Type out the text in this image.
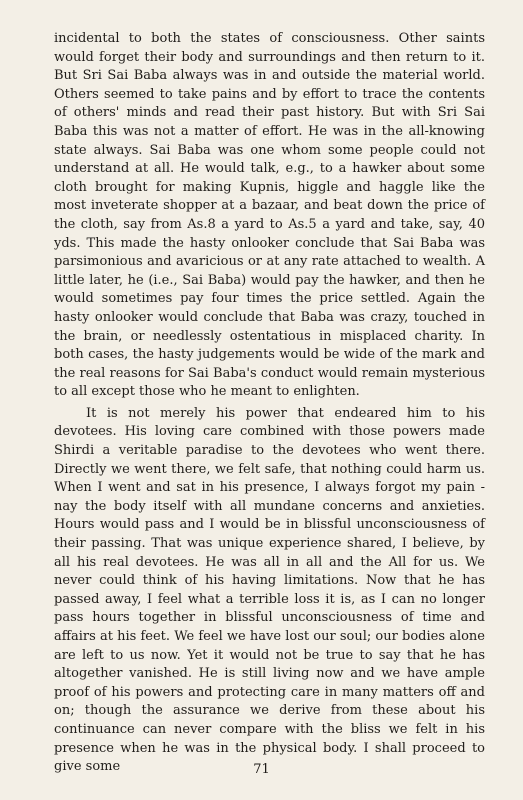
incidental to both the states of consciousness. Other saints would forget their body and surroundings and then return to it. But Sri Sai Baba always was in and outside the material world. Others seemed to take pains and by effort to trace the contents of others' minds and read their past history. But with Sri Sai Baba this was not a matter of effort. He was in the all-knowing state always. Sai Baba was one whom some people could not understand at all. He would talk, e.g., to a hawker about some cloth brought for making Kupnis, higgle and haggle like the most inveterate shopper at a bazaar, and beat down the price of the cloth, say from As.8 a yard to As.5 a yard and take, say, 40 yds. This made the hasty onlooker conclude that Sai Baba was parsimonious and avaricious or at any rate attached to wealth. A little later, he (i.e., Sai Baba) would pay the hawker, and then he would sometimes pay four times the price settled. Again the hasty onlooker would conclude that Baba was crazy, touched in the brain, or needlessly ostentatious in misplaced charity. In both cases, the hasty judgements would be wide of the mark and the real reasons for Sai Baba's conduct would remain mysterious to all except those who he meant to enlighten.

It is not merely his power that endeared him to his devotees. His loving care combined with those powers made Shirdi a veritable paradise to the devotees who went there. Directly we went there, we felt safe, that nothing could harm us. When I went and sat in his presence, I always forgot my pain - nay the body itself with all mundane concerns and anxieties. Hours would pass and I would be in blissful unconsciousness of their passing. That was unique experience shared, I believe, by all his real devotees. He was all in all and the All for us. We never could think of his having limitations. Now that he has passed away, I feel what a terrible loss it is, as I can no longer pass hours together in blissful unconsciousness of time and affairs at his feet. We feel we have lost our soul; our bodies alone are left to us now. Yet it would not be true to say that he has altogether vanished. He is still living now and we have ample proof of his powers and protecting care in many matters off and on; though the assurance we derive from these about his continuance can never compare with the bliss we felt in his presence when he was in the physical body. I shall proceed to give some	71
